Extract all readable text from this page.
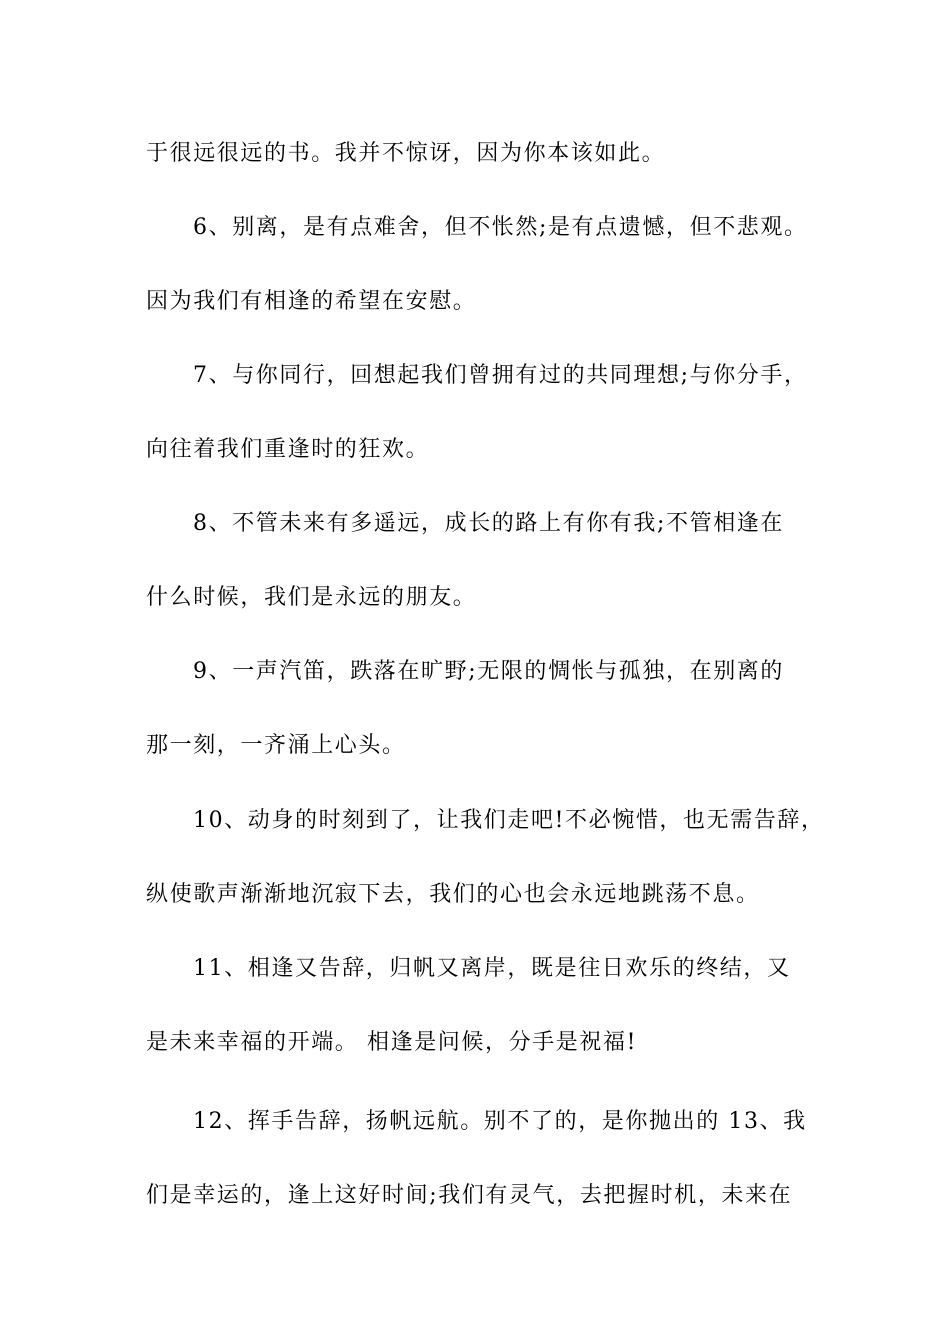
于很远很远的书。我并不惊讶，因为你本该如此。
6、别离，是有点难舍，但不怅然;是有点遗憾，但不悲观。
因为我们有相逢的希望在安慰。
7、与你同行，回想起我们曾拥有过的共同理想;与你分手，
向往着我们重逢时的狂欢。
8、不管未来有多遥远，成长的路上有你有我;不管相逢在
什么时候，我们是永远的朋友。
9、一声汽笛，跌落在旷野;无限的惆怅与孤独，在别离的
那一刻，一齐涌上心头。
10、动身的时刻到了，让我们走吧!不必惋惜，也无需告辞，
纵使歌声渐渐地沉寂下去，我们的心也会永远地跳荡不息。
11、相逢又告辞，归帆又离岸，既是往日欢乐的终结，又
是未来幸福的开端。 相逢是问候，分手是祝福!
12、挥手告辞，扬帆远航。别不了的，是你抛出的 13、我
们是幸运的，逢上这好时间;我们有灵气，去把握时机，未来在
